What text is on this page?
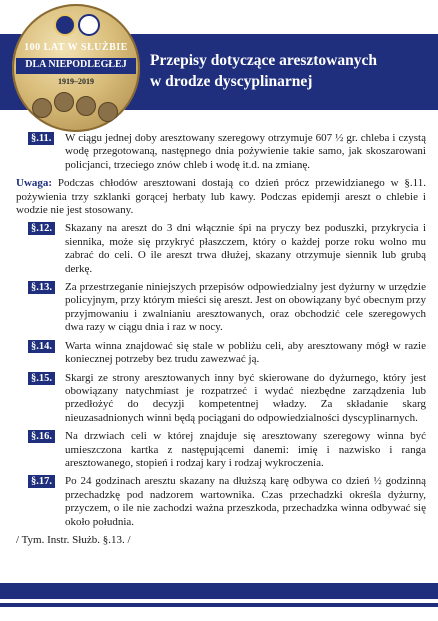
100 LAT W SŁUŻBIE
DLA NIEPODLEGŁEJ
1919–2019
Przepisy dotyczące aresztowanych
w drodze dyscyplinarnej

§.11. W ciągu jednej doby aresztowany szeregowy otrzymuje 607 ½ gr. chleba i czystą wodę przegotowaną, następnego dnia pożywienie takie samo, jak skoszarowani policjanci, trzeciego znów chleb i wodę it.d. na zmianę.

Uwaga: Podczas chłodów aresztowani dostają co dzień prócz przewidzianego w §.11. pożywienia trzy szklanki gorącej herbaty lub kawy. Podczas epidemji areszt o chlebie i wodzie nie jest stosowany.

§.12. Skazany na areszt do 3 dni włącznie śpi na pryczy bez poduszki, przykrycia i siennika, może się przykryć płaszczem, który o każdej porze roku wolno mu zabrać do celi. O ile areszt trwa dłużej, skazany otrzymuje siennik lub grubą derkę.

§.13. Za przestrzeganie niniejszych przepisów odpowiedzialny jest dyżurny w urzędzie policyjnym, przy którym mieści się areszt. Jest on obowiązany być obecnym przy przyjmowaniu i zwalnianiu aresztowanych, oraz obchodzić cele szeregowych dwa razy w ciągu dnia i raz w nocy.

§.14. Warta winna znajdować się stale w pobliżu celi, aby aresztowany mógł w razie koniecznej potrzeby bez trudu zawezwać ją.

§.15. Skargi ze strony aresztowanych inny być skierowane do dyżurnego, który jest obowiązany natychmiast je rozpatrzeć i wydać niezbędne zarządzenia lub przedłożyć do decyzji kompetentnej władzy. Za składanie skarg nieuzasadnionych winni będą pociągani do odpowiedzialności dyscyplinarnych.

§.16. Na drzwiach celi w której znajduje się aresztowany szeregowy winna być umieszczona kartka z następującemi danemi: imię i nazwisko i ranga aresztowanego, stopień i rodzaj kary i rodzaj wykroczenia.

§.17. Po 24 godzinach aresztu skazany na dłuższą karę odbywa co dzień ½ godzinną przechadzkę pod nadzorem wartownika. Czas przechadzki określa dyżurny, przyczem, o ile nie zachodzi ważna przeszkoda, przechadzka winna odbywać się około południa.

/ Tym. Instr. Służb. §.13. /
